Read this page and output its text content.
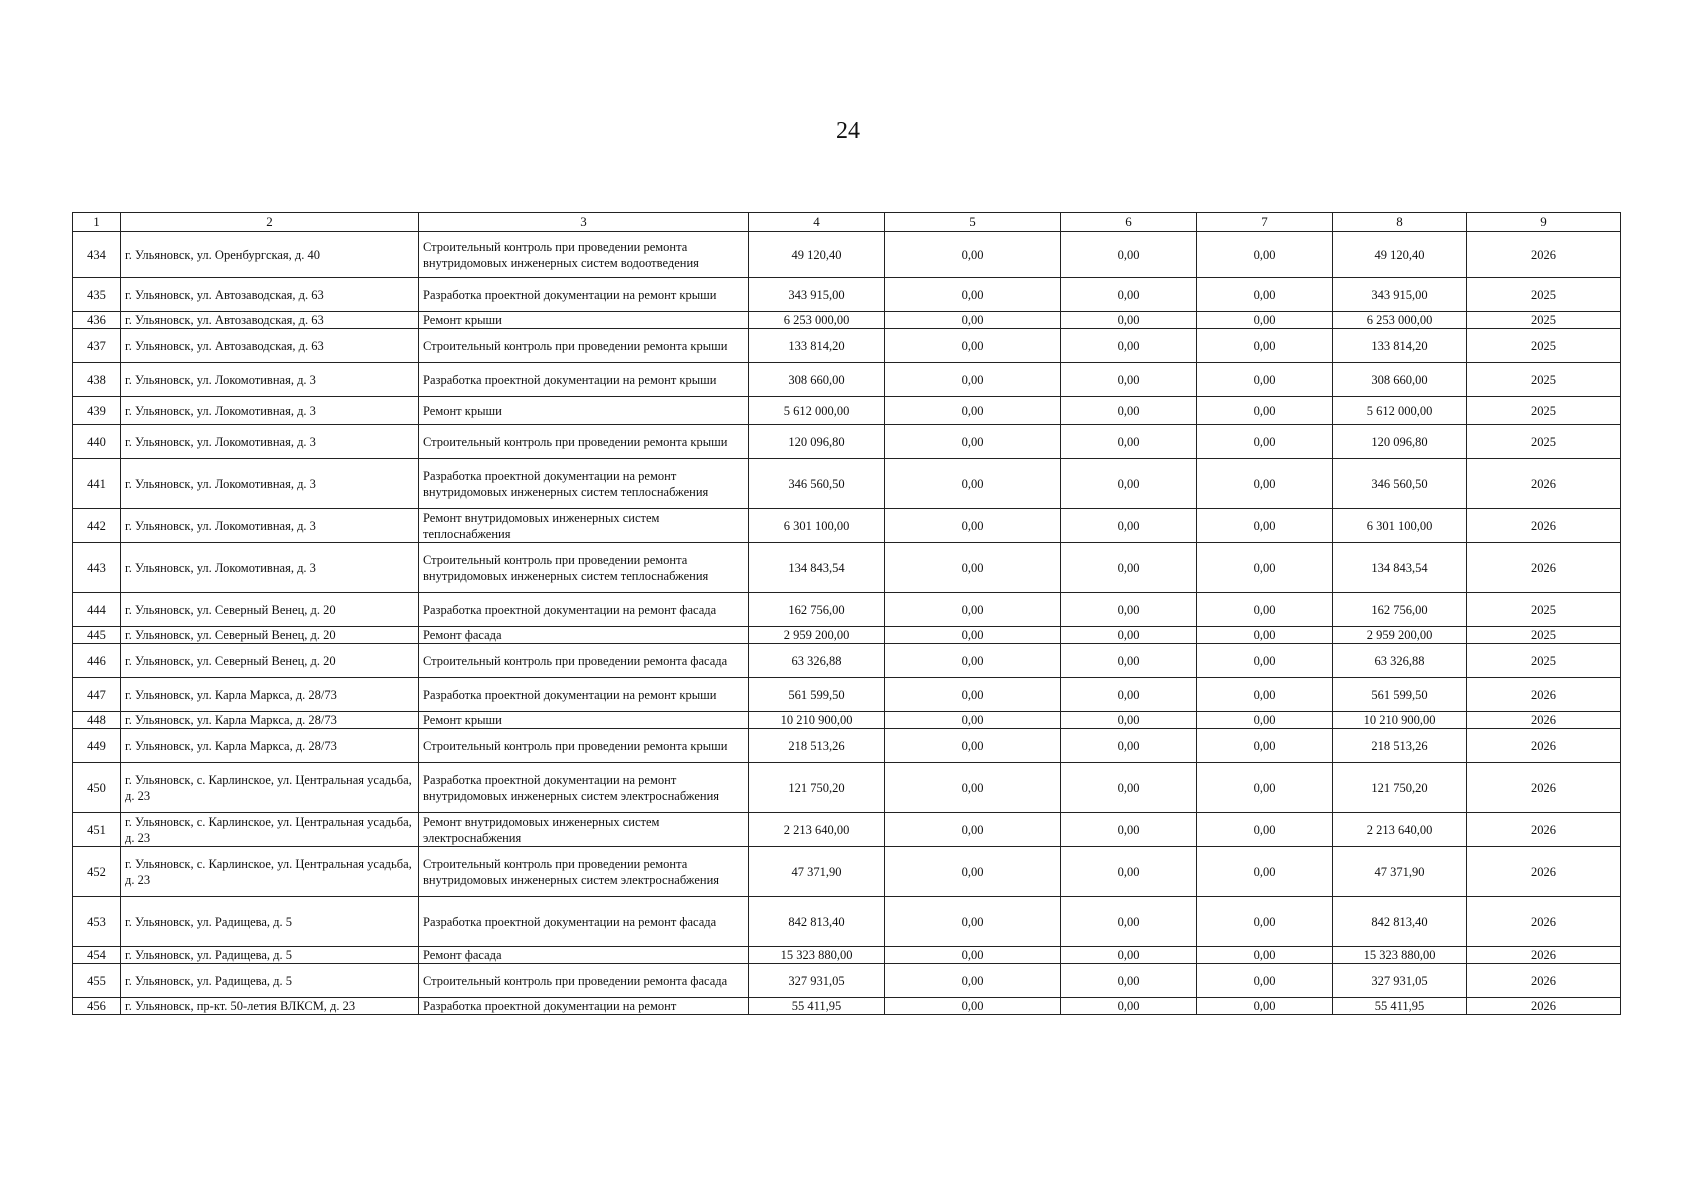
24
1	2	3	4	5	6	7	8	9
434	г. Ульяновск, ул. Оренбургская, д. 40	Строительный контроль при проведении ремонта внутридомовых инженерных систем водоотведения	49 120,40	0,00	0,00	0,00	49 120,40	2026
435	г. Ульяновск, ул. Автозаводская, д. 63	Разработка проектной документации на ремонт крыши	343 915,00	0,00	0,00	0,00	343 915,00	2025
436	г. Ульяновск, ул. Автозаводская, д. 63	Ремонт крыши	6 253 000,00	0,00	0,00	0,00	6 253 000,00	2025
437	г. Ульяновск, ул. Автозаводская, д. 63	Строительный контроль при проведении ремонта крыши	133 814,20	0,00	0,00	0,00	133 814,20	2025
438	г. Ульяновск, ул. Локомотивная, д. 3	Разработка проектной документации на ремонт крыши	308 660,00	0,00	0,00	0,00	308 660,00	2025
439	г. Ульяновск, ул. Локомотивная, д. 3	Ремонт крыши	5 612 000,00	0,00	0,00	0,00	5 612 000,00	2025
440	г. Ульяновск, ул. Локомотивная, д. 3	Строительный контроль при проведении ремонта крыши	120 096,80	0,00	0,00	0,00	120 096,80	2025
441	г. Ульяновск, ул. Локомотивная, д. 3	Разработка проектной документации на ремонт внутридомовых инженерных систем теплоснабжения	346 560,50	0,00	0,00	0,00	346 560,50	2026
442	г. Ульяновск, ул. Локомотивная, д. 3	Ремонт внутридомовых инженерных систем теплоснабжения	6 301 100,00	0,00	0,00	0,00	6 301 100,00	2026
443	г. Ульяновск, ул. Локомотивная, д. 3	Строительный контроль при проведении ремонта внутридомовых инженерных систем теплоснабжения	134 843,54	0,00	0,00	0,00	134 843,54	2026
444	г. Ульяновск, ул. Северный Венец, д. 20	Разработка проектной документации на ремонт фасада	162 756,00	0,00	0,00	0,00	162 756,00	2025
445	г. Ульяновск, ул. Северный Венец, д. 20	Ремонт фасада	2 959 200,00	0,00	0,00	0,00	2 959 200,00	2025
446	г. Ульяновск, ул. Северный Венец, д. 20	Строительный контроль при проведении ремонта фасада	63 326,88	0,00	0,00	0,00	63 326,88	2025
447	г. Ульяновск, ул. Карла Маркса, д. 28/73	Разработка проектной документации на ремонт крыши	561 599,50	0,00	0,00	0,00	561 599,50	2026
448	г. Ульяновск, ул. Карла Маркса, д. 28/73	Ремонт крыши	10 210 900,00	0,00	0,00	0,00	10 210 900,00	2026
449	г. Ульяновск, ул. Карла Маркса, д. 28/73	Строительный контроль при проведении ремонта крыши	218 513,26	0,00	0,00	0,00	218 513,26	2026
450	г. Ульяновск, с. Карлинское, ул. Центральная усадьба, д. 23	Разработка проектной документации на ремонт внутридомовых инженерных систем электроснабжения	121 750,20	0,00	0,00	0,00	121 750,20	2026
451	г. Ульяновск, с. Карлинское, ул. Центральная усадьба, д. 23	Ремонт внутридомовых инженерных систем электроснабжения	2 213 640,00	0,00	0,00	0,00	2 213 640,00	2026
452	г. Ульяновск, с. Карлинское, ул. Центральная усадьба, д. 23	Строительный контроль при проведении ремонта внутридомовых инженерных систем электроснабжения	47 371,90	0,00	0,00	0,00	47 371,90	2026
453	г. Ульяновск, ул. Радищева, д. 5	Разработка проектной документации на ремонт фасада	842 813,40	0,00	0,00	0,00	842 813,40	2026
454	г. Ульяновск, ул. Радищева, д. 5	Ремонт фасада	15 323 880,00	0,00	0,00	0,00	15 323 880,00	2026
455	г. Ульяновск, ул. Радищева, д. 5	Строительный контроль при проведении ремонта фасада	327 931,05	0,00	0,00	0,00	327 931,05	2026
456	г. Ульяновск, пр-кт. 50-летия ВЛКСМ, д. 23	Разработка проектной документации на ремонт	55 411,95	0,00	0,00	0,00	55 411,95	2026
